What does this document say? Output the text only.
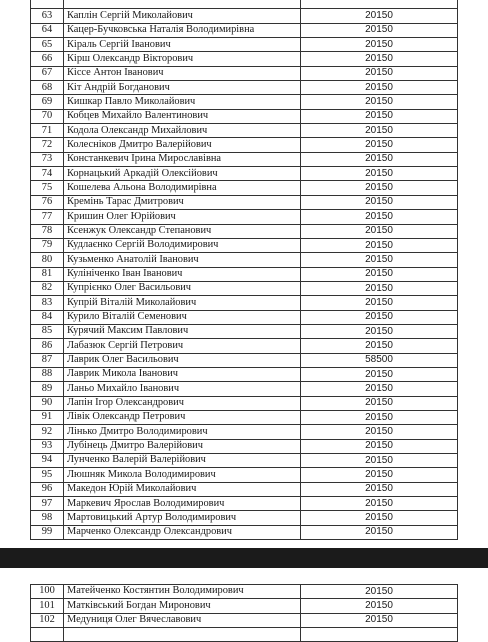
63	Каплін Сергій Миколайович	20150
64	Кацер-Бучковська Наталія Володимирівна	20150
65	Кіраль Сергій Іванович	20150
66	Кірш Олександр Вікторович	20150
67	Кіссе Антон Іванович	20150
68	Кіт Андрій Богданович	20150
69	Кишкар Павло Миколайович	20150
70	Кобцев Михайло Валентинович	20150
71	Кодола Олександр Михайлович	20150
72	Колесніков Дмитро Валерійович	20150
73	Констанкевич Ірина Мирославівна	20150
74	Корнацький Аркадій Олексійович	20150
75	Кошелева Альона Володимирівна	20150
76	Кремінь Тарас Дмитрович	20150
77	Кришин Олег Юрійович	20150
78	Ксенжук Олександр Степанович	20150
79	Кудлаєнко Сергій Володимирович	20150
80	Кузьменко Анатолій Іванович	20150
81	Кулініченко Іван Іванович	20150
82	Купрієнко Олег Васильович	20150
83	Купрій Віталій Миколайович	20150
84	Курило Віталій Семенович	20150
85	Курячий Максим Павлович	20150
86	Лабазюк Сергій Петрович	20150
87	Лаврик Олег Васильович	58500
88	Лаврик Микола Іванович	20150
89	Ланьо Михайло Іванович	20150
90	Лапін Ігор Олександрович	20150
91	Лівік Олександр Петрович	20150
92	Лінько Дмитро Володимирович	20150
93	Лубінець Дмитро Валерійович	20150
94	Лунченко Валерій Валерійович	20150
95	Люшняк Микола Володимирович	20150
96	Македон Юрій Миколайович	20150
97	Маркевич Ярослав Володимирович	20150
98	Мартовицький Артур Володимирович	20150
99	Марченко Олександр Олександрович	20150
100	Матейченко Костянтин Володимирович	20150
101	Матківський Богдан Миронович	20150
102	Медуниця Олег Вячеславович	20150
